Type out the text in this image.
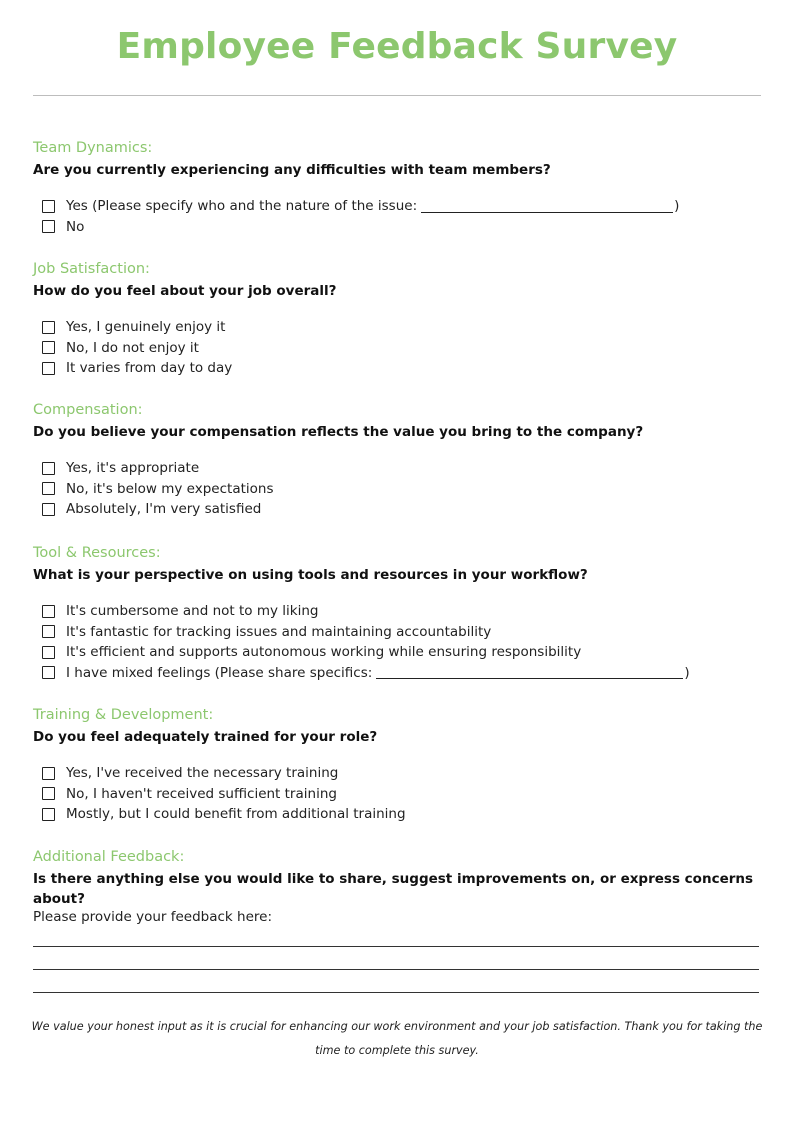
Employee Feedback Survey
Team Dynamics:
Are you currently experiencing any difficulties with team members?
Yes (Please specify who and the nature of the issue:	)
No
Job Satisfaction:
How do you feel about your job overall?
Yes, I genuinely enjoy it
No, I do not enjoy it
It varies from day to day
Compensation:
Do you believe your compensation reflects the value you bring to the company?
Yes, it's appropriate
No, it's below my expectations
Absolutely, I'm very satisfied
Tool & Resources:
What is your perspective on using tools and resources in your workflow?
It's cumbersome and not to my liking
It's fantastic for tracking issues and maintaining accountability
It's efficient and supports autonomous working while ensuring responsibility
I have mixed feelings (Please share specifics:	)
Training & Development:
Do you feel adequately trained for your role?
Yes, I've received the necessary training
No, I haven't received sufficient training
Mostly, but I could benefit from additional training
Additional Feedback:
Is there anything else you would like to share, suggest improvements on, or express concerns about?
Please provide your feedback here:
We value your honest input as it is crucial for enhancing our work environment and your job satisfaction. Thank you for taking the time to complete this survey.
